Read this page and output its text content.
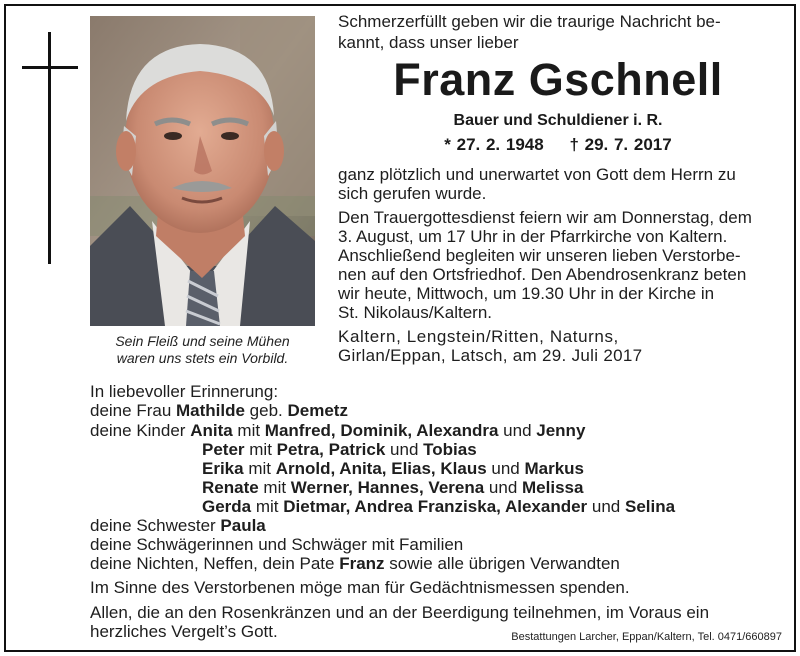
Sein Fleiß und seine Mühen
waren uns stets ein Vorbild.
Schmerzerfüllt geben wir die traurige Nachricht be-
kannt, dass unser lieber
Franz Gschnell
Bauer und Schuldiener i. R.
* 27. 2. 1948 † 29. 7. 2017
ganz plötzlich und unerwartet von Gott dem Herrn zu
sich gerufen wurde.
Den Trauergottesdienst feiern wir am Donnerstag, dem
3. August, um 17 Uhr in der Pfarrkirche von Kaltern.
Anschließend begleiten wir unseren lieben Verstorbe-
nen auf den Ortsfriedhof. Den Abendrosenkranz beten
wir heute, Mittwoch, um 19.30 Uhr in der Kirche in
St. Nikolaus/Kaltern.
Kaltern, Lengstein/Ritten, Naturns,
Girlan/Eppan, Latsch, am 29. Juli 2017
In liebevoller Erinnerung:
deine Frau Mathilde geb. Demetz
deine Kinder Anita mit Manfred, Dominik, Alexandra und Jenny
Peter mit Petra, Patrick und Tobias
Erika mit Arnold, Anita, Elias, Klaus und Markus
Renate mit Werner, Hannes, Verena und Melissa
Gerda mit Dietmar, Andrea Franziska, Alexander und Selina
deine Schwester Paula
deine Schwägerinnen und Schwäger mit Familien
deine Nichten, Neffen, dein Pate Franz sowie alle übrigen Verwandten
Im Sinne des Verstorbenen möge man für Gedächtnismessen spenden.
Allen, die an den Rosenkränzen und an der Beerdigung teilnehmen, im Voraus ein
herzliches Vergelt’s Gott.	Bestattungen Larcher, Eppan/Kaltern, Tel. 0471/660897
